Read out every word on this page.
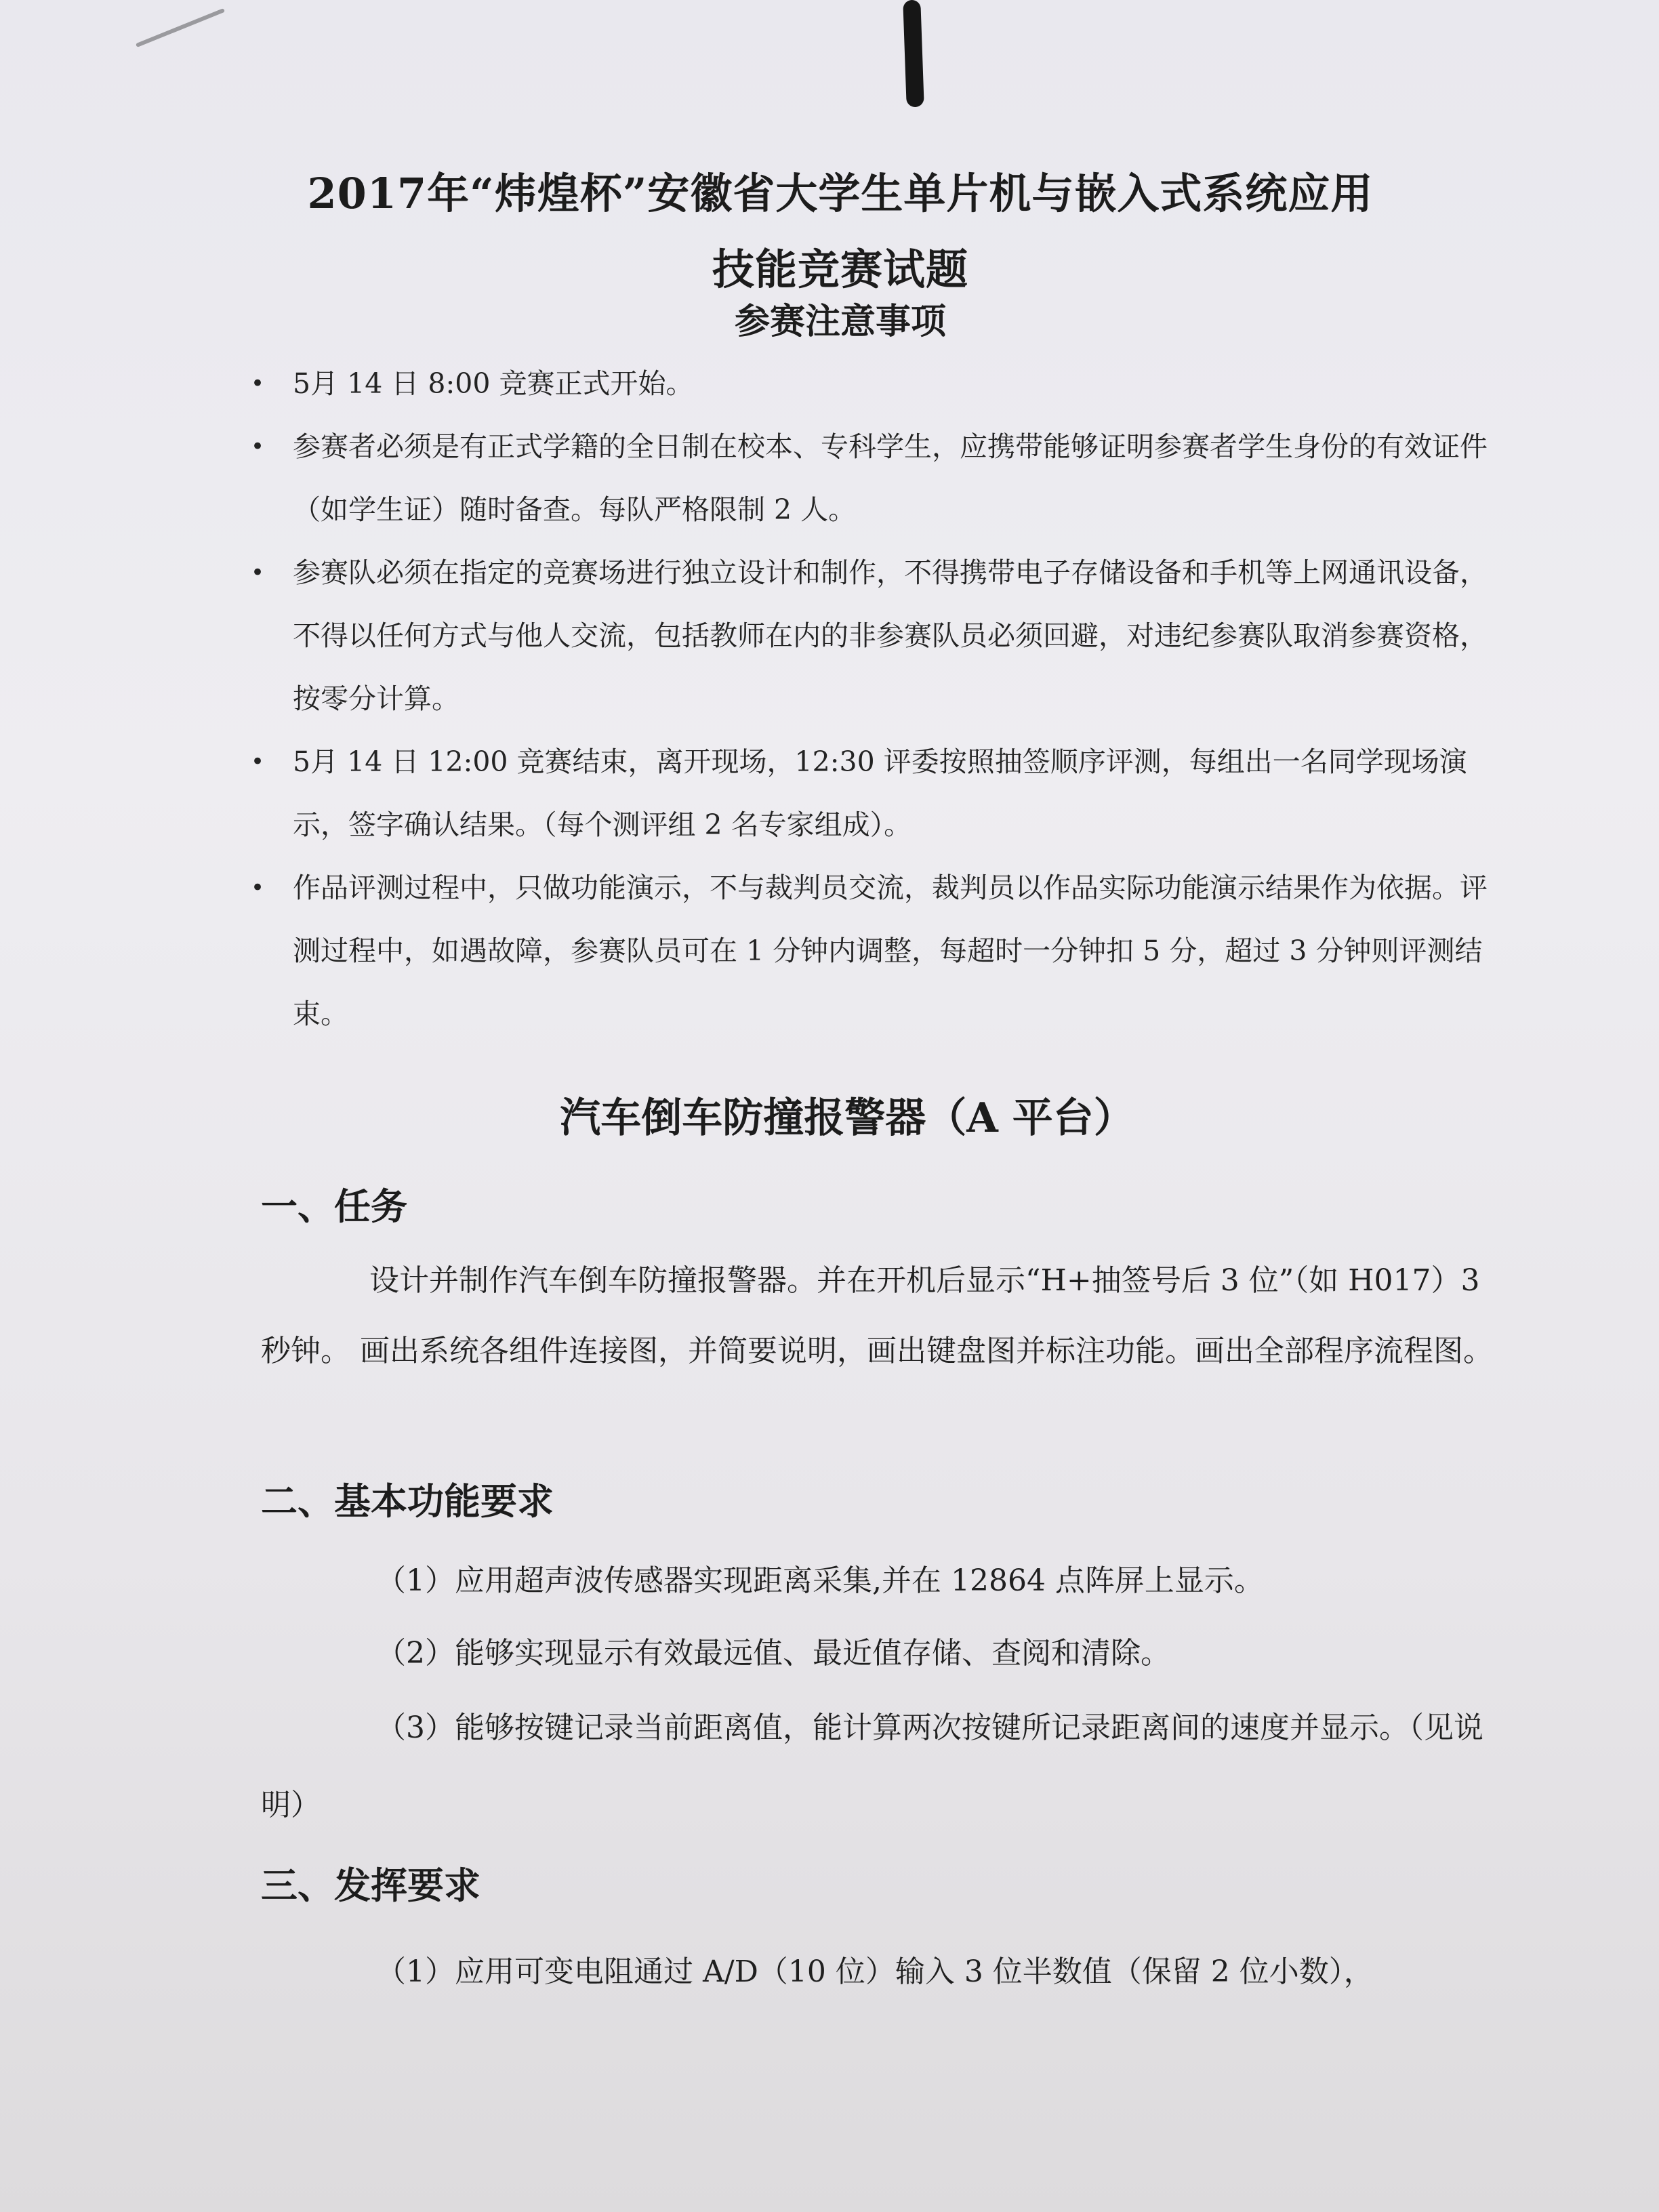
2017年“炜煌杯”安徽省大学生单片机与嵌入式系统应用
技能竞赛试题
参赛注意事项
• 5月 14 日 8:00 竞赛正式开始。
• 参赛者必须是有正式学籍的全日制在校本、专科学生，应携带能够证明参赛者学生身份的有效证件（如学生证）随时备查。每队严格限制 2 人。
• 参赛队必须在指定的竞赛场进行独立设计和制作，不得携带电子存储设备和手机等上网通讯设备，不得以任何方式与他人交流，包括教师在内的非参赛队员必须回避，对违纪参赛队取消参赛资格，按零分计算。
• 5月 14 日 12:00 竞赛结束，离开现场，12:30 评委按照抽签顺序评测，每组出一名同学现场演示，签字确认结果。（每个测评组 2 名专家组成）。
• 作品评测过程中，只做功能演示，不与裁判员交流，裁判员以作品实际功能演示结果作为依据。评测过程中，如遇故障，参赛队员可在 1 分钟内调整，每超时一分钟扣 5 分，超过 3 分钟则评测结束。
汽车倒车防撞报警器（A 平台）
一、任务
设计并制作汽车倒车防撞报警器。并在开机后显示“H+抽签号后 3 位”（如 H017）3 秒钟。 画出系统各组件连接图，并简要说明，画出键盘图并标注功能。画出全部程序流程图。
二、基本功能要求
（1）应用超声波传感器实现距离采集,并在 12864 点阵屏上显示。
（2）能够实现显示有效最远值、最近值存储、查阅和清除。
（3）能够按键记录当前距离值，能计算两次按键所记录距离间的速度并显示。（见说明）
三、发挥要求
（1）应用可变电阻通过 A/D（10 位）输入 3 位半数值（保留 2 位小数），
